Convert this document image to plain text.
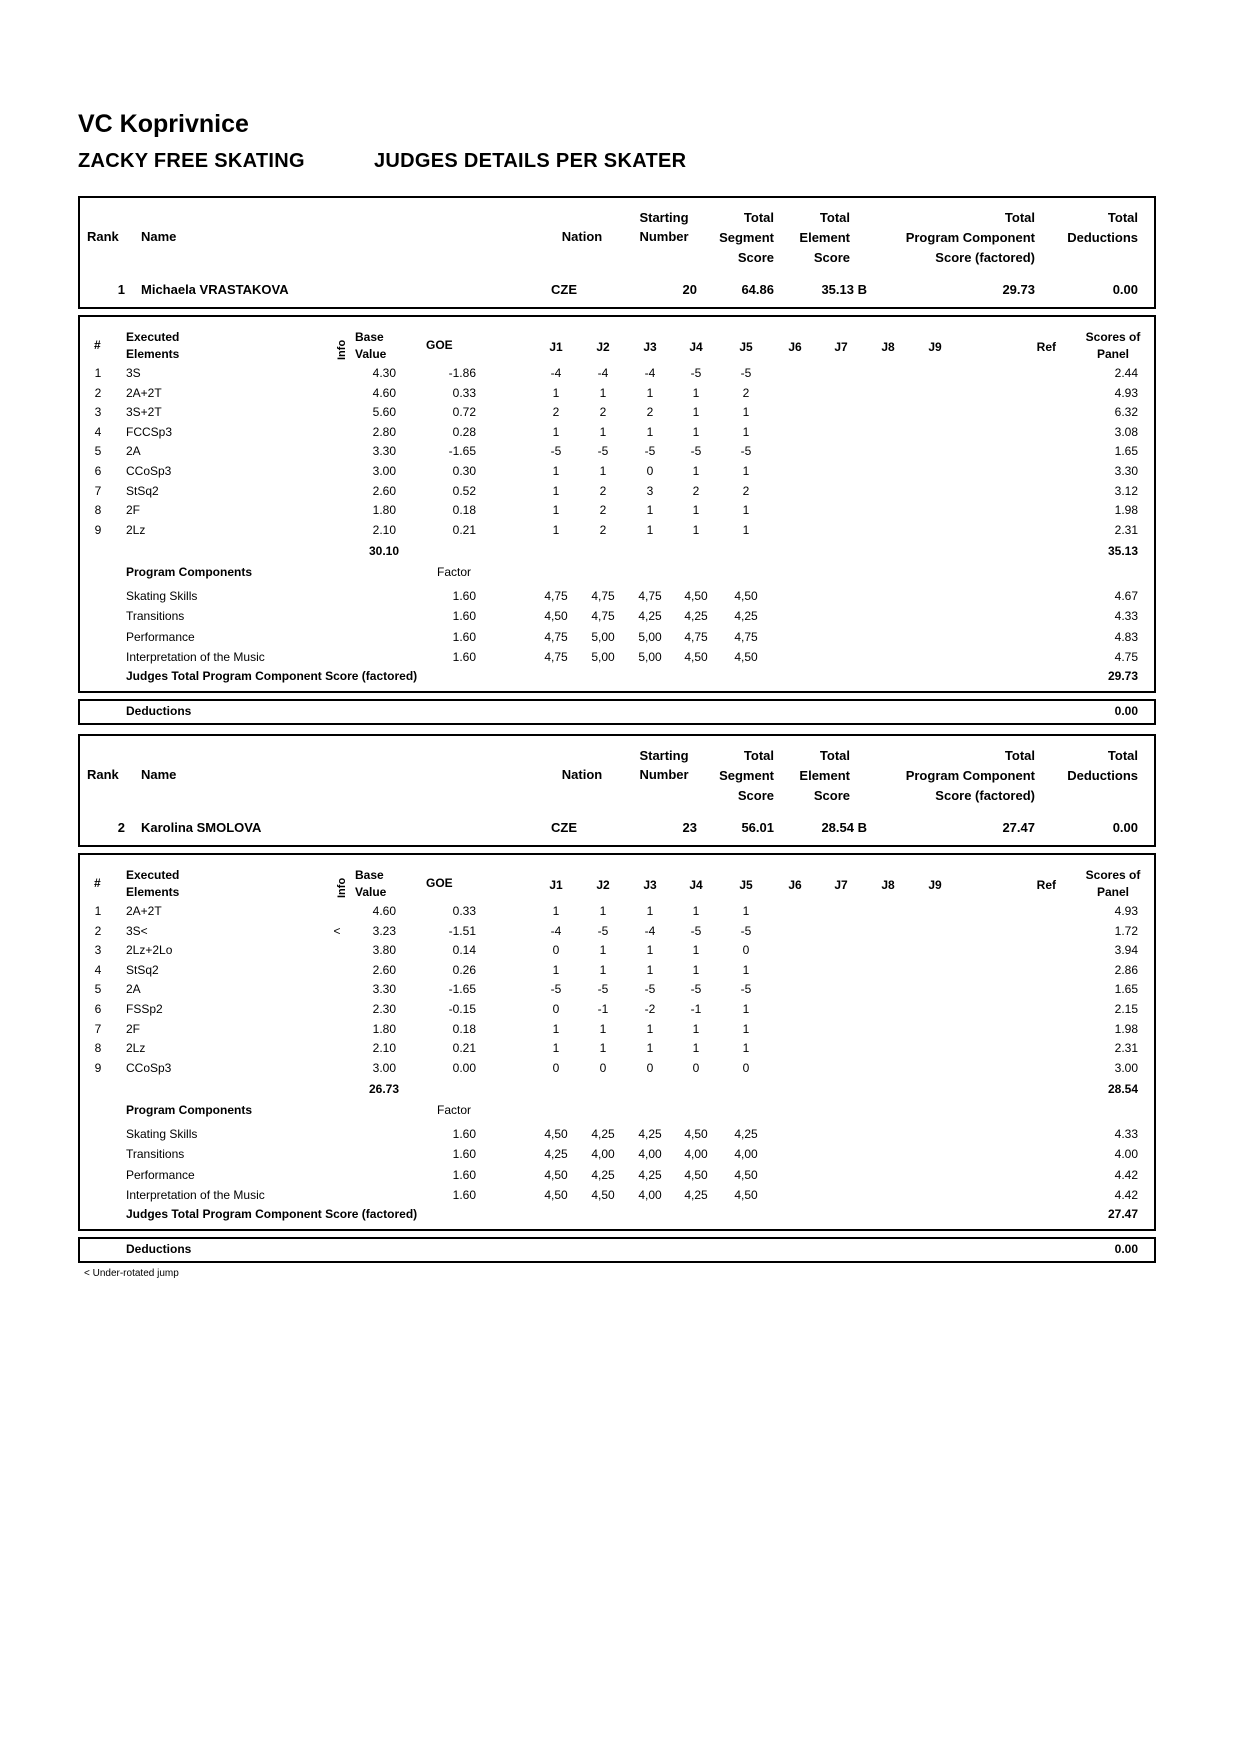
VC Koprivnice
ZACKY FREE SKATING	JUDGES DETAILS PER SKATER
Rank Name	Nation
Starting
Number
Total
Segment
Score
Total
Element
Score
Total
Program Component
Score (factored)
Total
Deductions
1 Michaela VRASTAKOVA	CZE	20	64.86	35.13 B	29.73	0.00
#
Executed
Elements	Info
Base
Value
GOE	J1	J2	J3	J4	J5	J6	J7	J8	J9	Ref
Scores of
Panel
1	3S	4.30	-1.86	-4	-4	-4	-5	-5	2.44
2	2A+2T	4.60	0.33	1	1	1	1	2	4.93
3	3S+2T	5.60	0.72	2	2	2	1	1	6.32
4	FCCSp3	2.80	0.28	1	1	1	1	1	3.08
5	2A	3.30	-1.65	-5	-5	-5	-5	-5	1.65
6	CCoSp3	3.00	0.30	1	1	0	1	1	3.30
7	StSq2	2.60	0.52	1	2	3	2	2	3.12
8	2F	1.80	0.18	1	2	1	1	1	1.98
9	2Lz	2.10	0.21	1	2	1	1	1	2.31
30.10	35.13
Program Components	Factor
Skating Skills	1.60	4,75	4,75	4,75	4,50	4,50	4.67
Transitions	1.60	4,50	4,75	4,25	4,25	4,25	4.33
Performance	1.60	4,75	5,00	5,00	4,75	4,75	4.83
Interpretation of the Music	1.60	4,75	5,00	5,00	4,50	4,50	4.75
Judges Total Program Component Score (factored)	29.73
Deductions	0.00
Rank Name	Nation
Starting
Number
Total
Segment
Score
Total
Element
Score
Total
Program Component
Score (factored)
Total
Deductions
2 Karolina SMOLOVA	CZE	23	56.01	28.54 B	27.47	0.00
#
Executed
Elements	Info
Base
Value
GOE	J1	J2	J3	J4	J5	J6	J7	J8	J9	Ref
Scores of
Panel
1	2A+2T	4.60	0.33	1	1	1	1	1	4.93
2	3S<	<	3.23	-1.51	-4	-5	-4	-5	-5	1.72
3	2Lz+2Lo	3.80	0.14	0	1	1	1	0	3.94
4	StSq2	2.60	0.26	1	1	1	1	1	2.86
5	2A	3.30	-1.65	-5	-5	-5	-5	-5	1.65
6	FSSp2	2.30	-0.15	0	-1	-2	-1	1	2.15
7	2F	1.80	0.18	1	1	1	1	1	1.98
8	2Lz	2.10	0.21	1	1	1	1	1	2.31
9	CCoSp3	3.00	0.00	0	0	0	0	0	3.00
26.73	28.54
Program Components	Factor
Skating Skills	1.60	4,50	4,25	4,25	4,50	4,25	4.33
Transitions	1.60	4,25	4,00	4,00	4,00	4,00	4.00
Performance	1.60	4,50	4,25	4,25	4,50	4,50	4.42
Interpretation of the Music	1.60	4,50	4,50	4,00	4,25	4,50	4.42
Judges Total Program Component Score (factored)	27.47
Deductions	0.00
< Under-rotated jump
